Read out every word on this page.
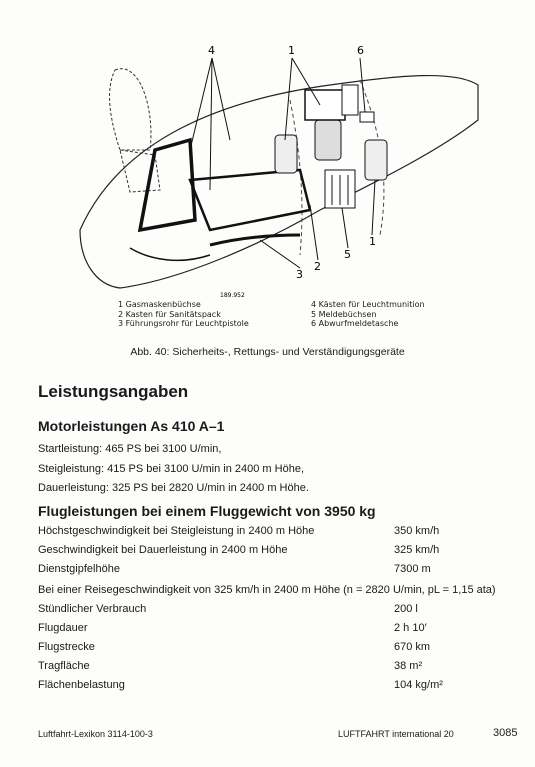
4	1	6
3
2
5
1
189.952
1 Gasmaskenbüchse
2 Kasten für Sanitätspack
3 Führungsrohr für Leuchtpistole
4 Kästen für Leuchtmunition
5 Meldebüchsen
6 Abwurfmeldetasche
Abb. 40: Sicherheits-, Rettungs- und Verständigungsgeräte
Leistungsangaben
Motorleistungen As 410 A–1
Startleistung: 465 PS bei 3100 U/min,
Steigleistung: 415 PS bei 3100 U/min in 2400 m Höhe,
Dauerleistung: 325 PS bei 2820 U/min in 2400 m Höhe.
Flugleistungen bei einem Fluggewicht von 3950 kg
Höchstgeschwindigkeit bei Steigleistung in 2400 m Höhe	350 km/h
Geschwindigkeit bei Dauerleistung in 2400 m Höhe	325 km/h
Dienstgipfelhöhe	7300 m
Bei einer Reisegeschwindigkeit von 325 km/h in 2400 m Höhe (n = 2820 U/min, pL = 1,15 ata)
Stündlicher Verbrauch	200 l
Flugdauer	2 h 10′
Flugstrecke	670 km
Tragfläche	38 m²
Flächenbelastung	104 kg/m²
Luftfahrt-Lexikon 3114-100-3	LUFTFAHRT international 20	3085
